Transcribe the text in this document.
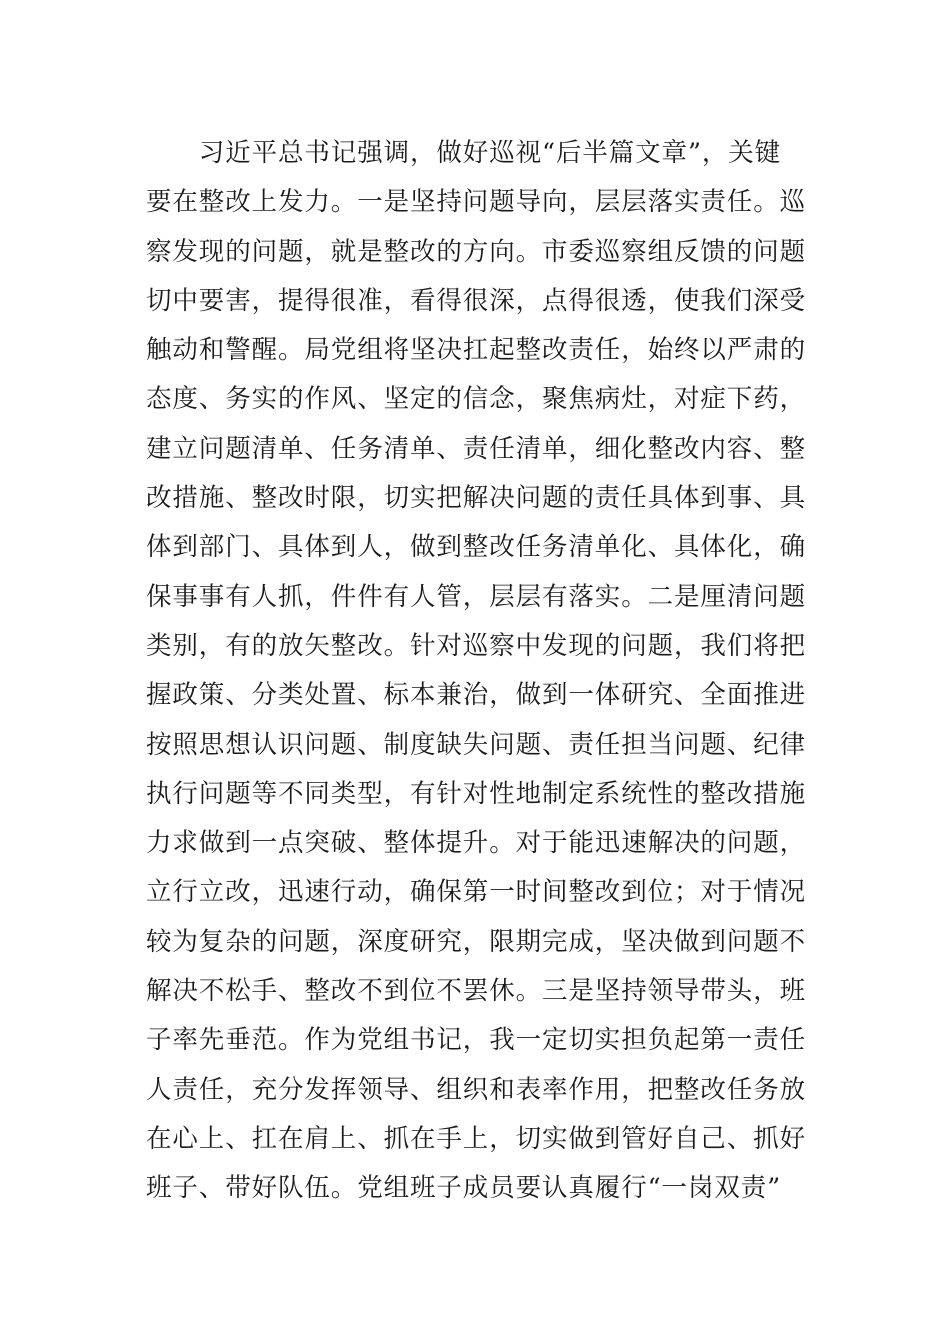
　　习近平总书记强调，做好巡视“后半篇文章”，关键
要在整改上发力。一是坚持问题导向，层层落实责任。巡
察发现的问题，就是整改的方向。市委巡察组反馈的问题
切中要害，提得很准，看得很深，点得很透，使我们深受
触动和警醒。局党组将坚决扛起整改责任，始终以严肃的
态度、务实的作风、坚定的信念，聚焦病灶，对症下药，
建立问题清单、任务清单、责任清单，细化整改内容、整
改措施、整改时限，切实把解决问题的责任具体到事、具
体到部门、具体到人，做到整改任务清单化、具体化，确
保事事有人抓，件件有人管，层层有落实。二是厘清问题
类别，有的放矢整改。针对巡察中发现的问题，我们将把
握政策、分类处置、标本兼治，做到一体研究、全面推进
按照思想认识问题、制度缺失问题、责任担当问题、纪律
执行问题等不同类型，有针对性地制定系统性的整改措施
力求做到一点突破、整体提升。对于能迅速解决的问题，
立行立改，迅速行动，确保第一时间整改到位；对于情况
较为复杂的问题，深度研究，限期完成，坚决做到问题不
解决不松手、整改不到位不罢休。三是坚持领导带头，班
子率先垂范。作为党组书记，我一定切实担负起第一责任
人责任，充分发挥领导、组织和表率作用，把整改任务放
在心上、扛在肩上、抓在手上，切实做到管好自己、抓好
班子、带好队伍。党组班子成员要认真履行“一岗双责”
